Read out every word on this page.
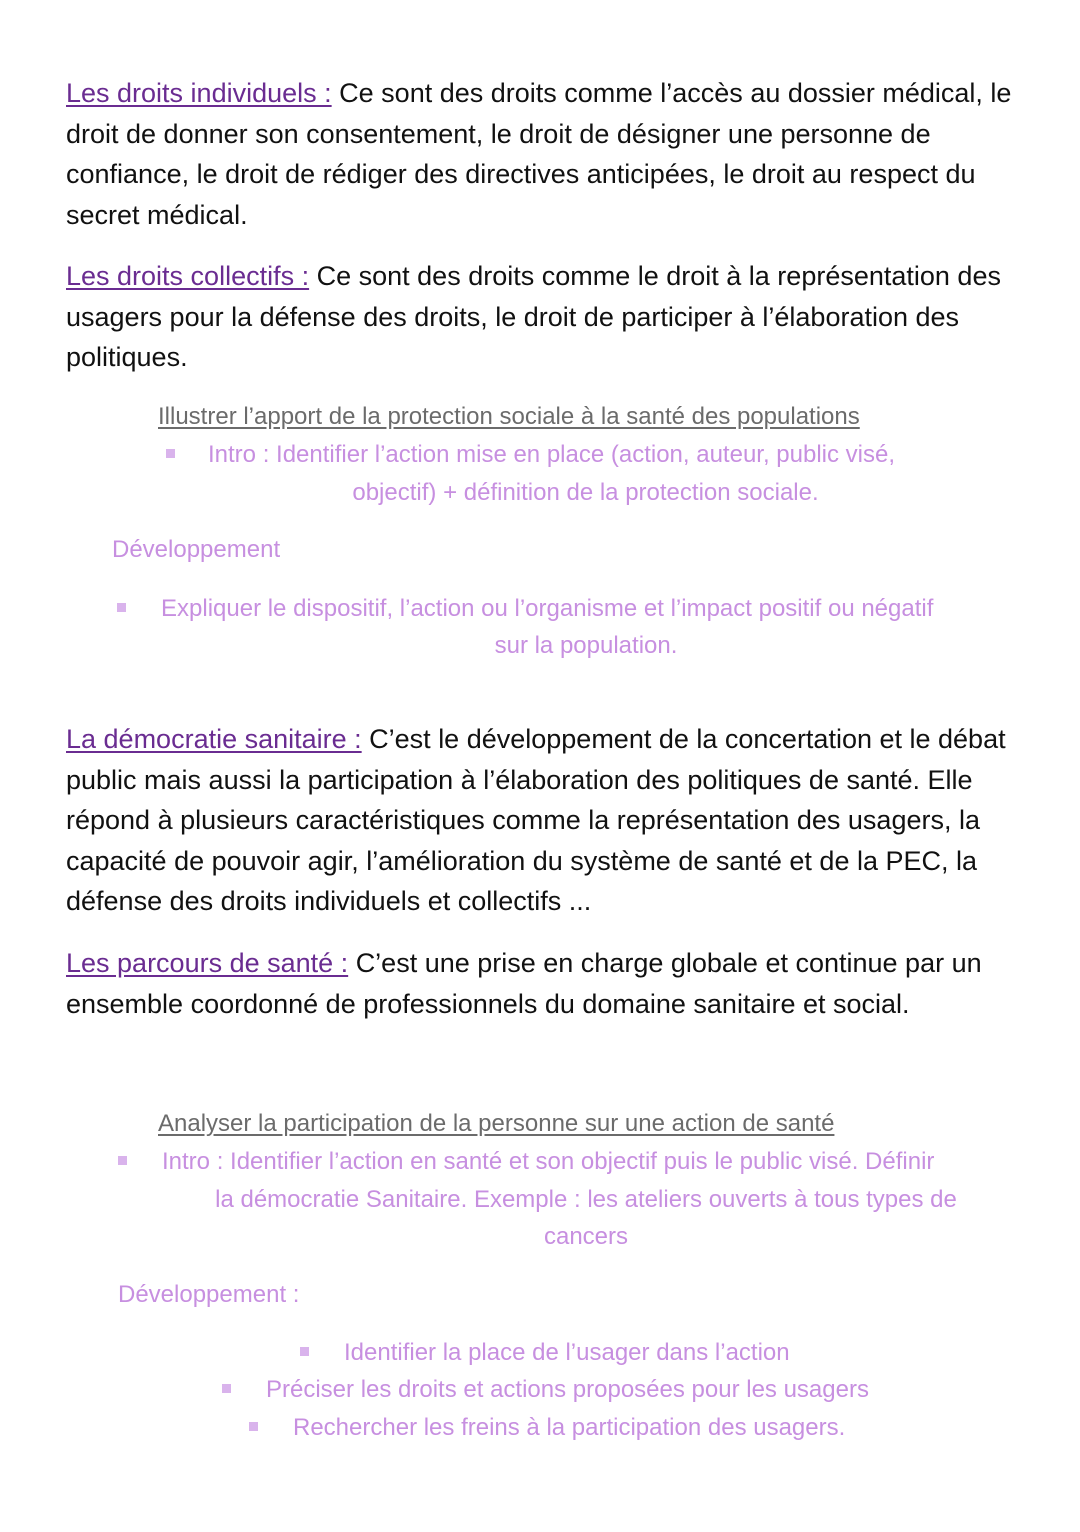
Les droits individuels : Ce sont des droits comme l’accès au dossier médical, le droit de donner son consentement, le droit de désigner une personne de confiance, le droit de rédiger des directives anticipées, le droit au respect du secret médical.
Les droits collectifs : Ce sont des droits comme le droit à la représentation des usagers pour la défense des droits, le droit de participer à l’élaboration des politiques.
Illustrer l’apport de la protection sociale à la santé des populations
Intro : Identifier l’action mise en place (action, auteur, public visé,
objectif) + définition de la protection sociale.
Développement
Expliquer le dispositif, l’action ou l’organisme et l’impact positif ou négatif
sur la population.
La démocratie sanitaire : C’est le développement de la concertation et le débat public mais aussi la participation à l’élaboration des politiques de santé. Elle répond à plusieurs caractéristiques comme la représentation des usagers, la capacité de pouvoir agir, l’amélioration du système de santé et de la PEC, la défense des droits individuels et collectifs ...
Les parcours de santé : C’est une prise en charge globale et continue par un ensemble coordonné de professionnels du domaine sanitaire et social.
Analyser la participation de la personne sur une action de santé
Intro : Identifier l’action en santé et son objectif puis le public visé. Définir
la démocratie Sanitaire. Exemple : les ateliers ouverts à tous types de
cancers
Développement :
Identifier la place de l’usager dans l’action
Préciser les droits et actions proposées pour les usagers
Rechercher les freins à la participation des usagers.
